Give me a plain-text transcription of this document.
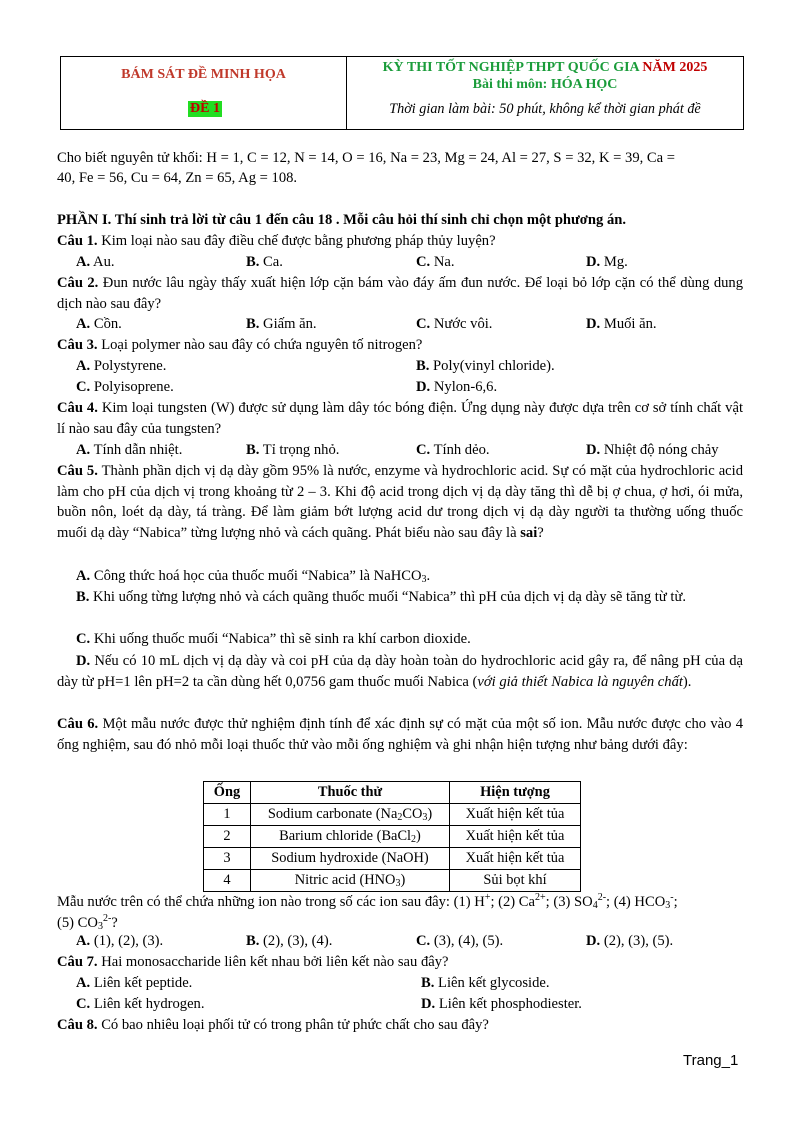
BÁM SÁT ĐỀ MINH HỌA
ĐỀ 1
KỲ THI TỐT NGHIỆP THPT QUỐC GIA NĂM 2025
Bài thi môn: HÓA HỌC
Thời gian làm bài: 50 phút, không kể thời gian phát đề
Cho biết nguyên tử khối: H = 1, C = 12, N = 14, O = 16, Na = 23, Mg = 24, Al = 27, S = 32, K = 39, Ca =
40, Fe = 56, Cu = 64, Zn = 65, Ag = 108.
PHẦN I. Thí sinh trả lời từ câu 1 đến câu 18 . Mỗi câu hỏi thí sinh chỉ chọn một phương án.
Câu 1. Kim loại nào sau đây điều chế được bằng phương pháp thủy luyện?
A. Au.	B. Ca.	C. Na.	D. Mg.
Câu 2. Đun nước lâu ngày thấy xuất hiện lớp cặn bám vào đáy ấm đun nước. Để loại bỏ lớp cặn có thể dùng dung dịch nào sau đây?
A. Cồn.	B. Giấm ăn.	C. Nước vôi.	D. Muối ăn.
Câu 3. Loại polymer nào sau đây có chứa nguyên tố nitrogen?
A. Polystyrene.	B. Poly(vinyl chloride).
C. Polyisoprene.	D. Nylon-6,6.
Câu 4. Kim loại tungsten (W) được sử dụng làm dây tóc bóng điện. Ứng dụng này được dựa trên cơ sở tính chất vật lí nào sau đây của tungsten?
A. Tính dẫn nhiệt.	B. Tỉ trọng nhỏ.	C. Tính dẻo.	D. Nhiệt độ nóng chảy
Câu 5. Thành phần dịch vị dạ dày gồm 95% là nước, enzyme và hydrochloric acid. Sự có mặt của hydrochloric acid làm cho pH của dịch vị trong khoảng từ 2 – 3. Khi độ acid trong dịch vị dạ dày tăng thì dễ bị ợ chua, ợ hơi, ói mửa, buồn nôn, loét dạ dày, tá tràng. Để làm giảm bớt lượng acid dư trong dịch vị dạ dày người ta thường uống thuốc muối dạ dày “Nabica” từng lượng nhỏ và cách quãng. Phát biểu nào sau đây là sai?
A. Công thức hoá học của thuốc muối “Nabica” là NaHCO$_3$.
B. Khi uống từng lượng nhỏ và cách quãng thuốc muối “Nabica” thì pH của dịch vị dạ dày sẽ tăng từ từ.
C. Khi uống thuốc muối “Nabica” thì sẽ sinh ra khí carbon dioxide.
D. Nếu có 10 mL dịch vị dạ dày và coi pH của dạ dày hoàn toàn do hydrochloric acid gây ra, để nâng pH của dạ dày từ pH=1 lên pH=2 ta cần dùng hết 0,0756 gam thuốc muối Nabica (với giả thiết Nabica là nguyên chất).
Câu 6. Một mẫu nước được thử nghiệm định tính để xác định sự có mặt của một số ion. Mẫu nước được cho vào 4 ống nghiệm, sau đó nhỏ mỗi loại thuốc thử vào mỗi ống nghiệm và ghi nhận hiện tượng như bảng dưới đây:
Ống	Thuốc thử	Hiện tượng
1	Sodium carbonate $(Na_2CO_3)$	Xuất hiện kết tủa
2	Barium chloride (BaCl$_2$)	Xuất hiện kết tủa
3	Sodium hydroxide (NaOH)	Xuất hiện kết tủa
4	Nitric acid $(HNO_3)$	Sủi bọt khí
Mẫu nước trên có thể chứa những ion nào trong số các ion sau đây: (1) H+; (2) $Ca^{2+}$; (3) $SO_4^{2-}$; (4) $HCO_3^-$;
(5) $CO_3^{2-}$?
A. (1), (2), (3).	B. (2), (3), (4).	C. (3), (4), (5).	D. (2), (3), (5).
Câu 7. Hai monosaccharide liên kết nhau bởi liên kết nào sau đây?
A. Liên kết peptide.	B. Liên kết glycoside.
C. Liên kết hydrogen.	D. Liên kết phosphodiester.
Câu 8. Có bao nhiêu loại phối tử có trong phân tử phức chất cho sau đây?
Trang_1
